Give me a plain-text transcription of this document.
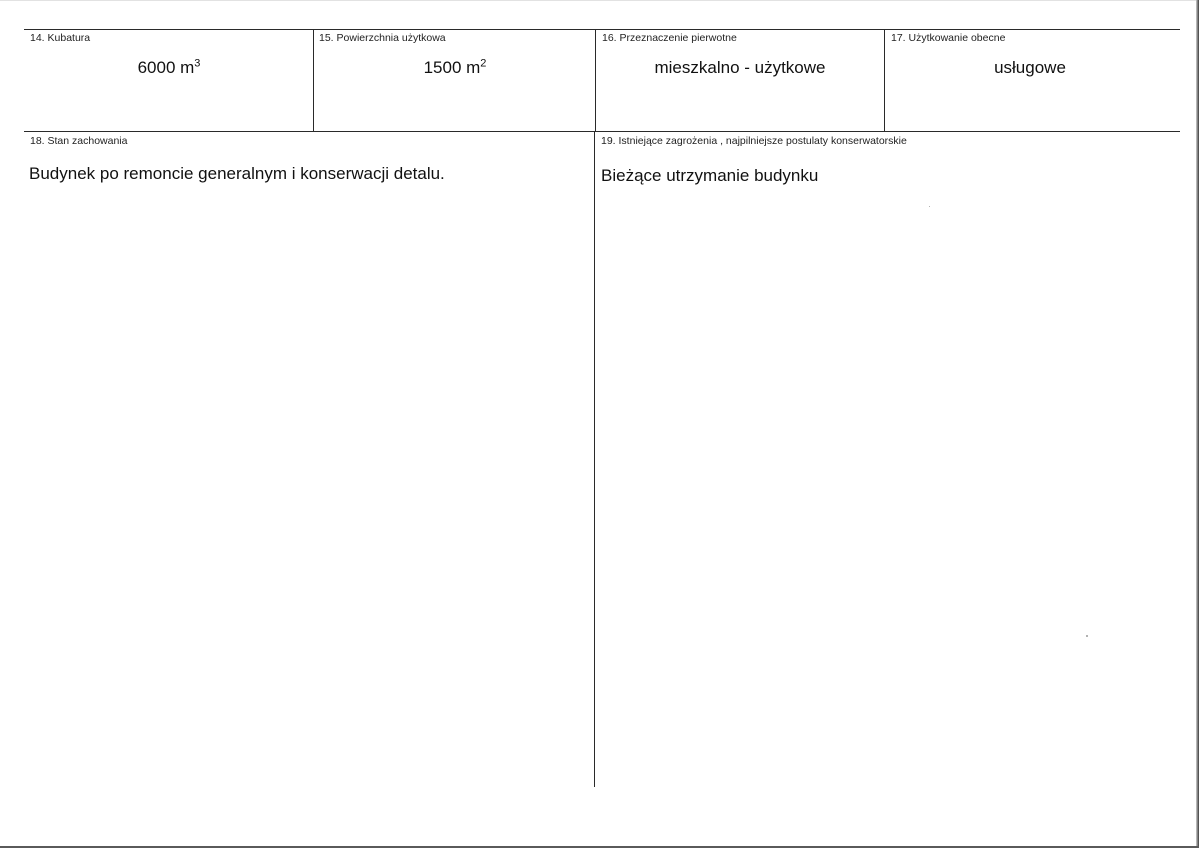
14. Kubatura
6000 $m^3$
15. Powierzchnia użytkowa
1500 $m^2$
16. Przeznaczenie pierwotne
mieszkalno - użytkowe
17. Użytkowanie obecne
usługowe
18. Stan zachowania
Budynek po remoncie generalnym i konserwacji detalu.
19. Istniejące zagrożenia , najpilniejsze postulaty konserwatorskie
Bieżące utrzymanie budynku
